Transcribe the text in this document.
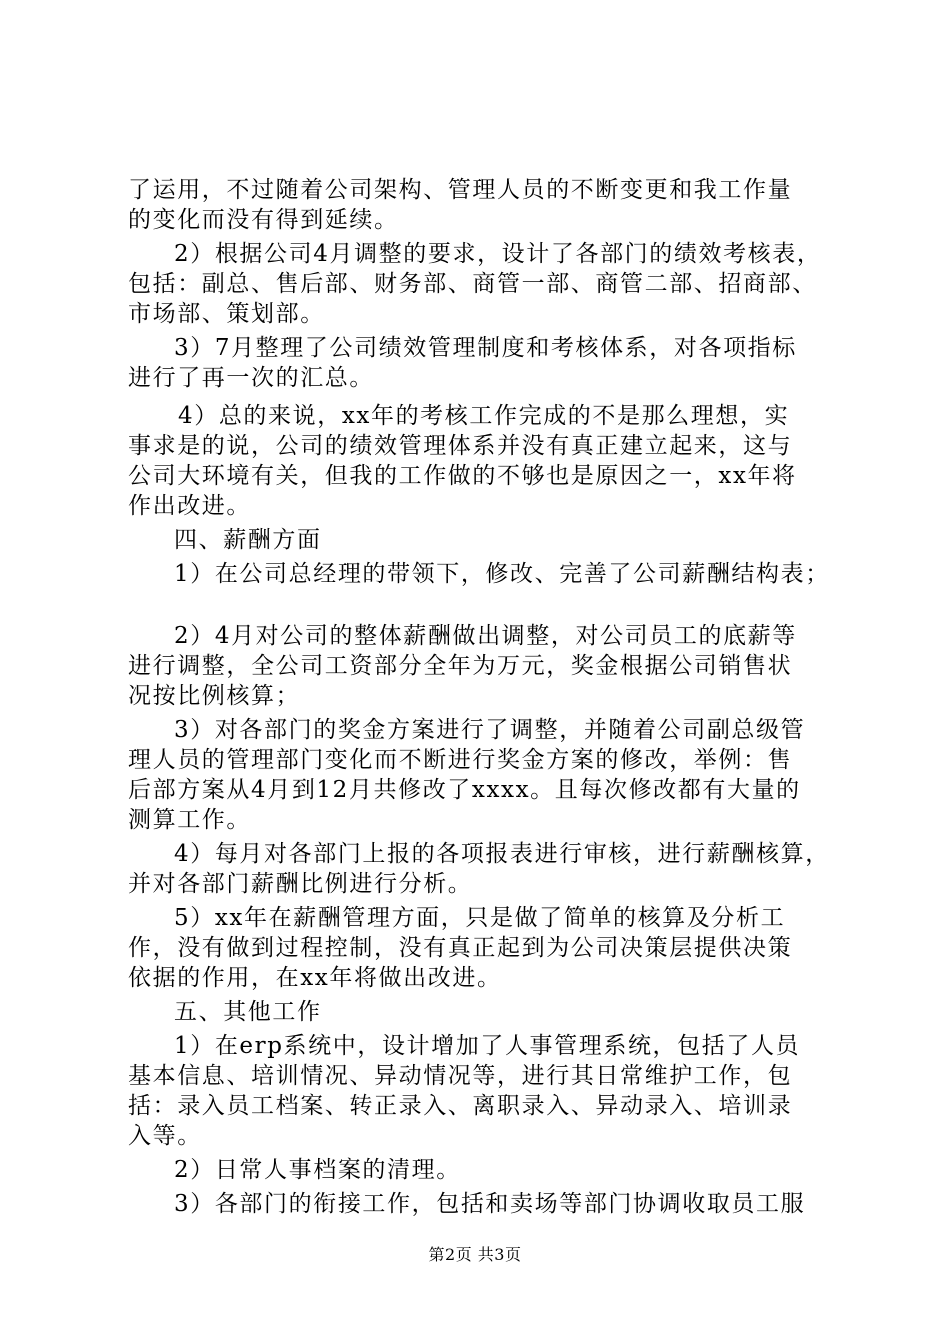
了运用，不过随着公司架构、管理人员的不断变更和我工作量
的变化而没有得到延续。
2）根据公司4月调整的要求，设计了各部门的绩效考核表，
包括：副总、售后部、财务部、商管一部、商管二部、招商部、
市场部、策划部。
3）7月整理了公司绩效管理制度和考核体系，对各项指标
进行了再一次的汇总。
4）总的来说，xx年的考核工作完成的不是那么理想，实
事求是的说，公司的绩效管理体系并没有真正建立起来，这与
公司大环境有关，但我的工作做的不够也是原因之一，xx年将
作出改进。
四、薪酬方面
1）在公司总经理的带领下，修改、完善了公司薪酬结构表；
2）4月对公司的整体薪酬做出调整，对公司员工的底薪等
进行调整，全公司工资部分全年为万元，奖金根据公司销售状
况按比例核算；
3）对各部门的奖金方案进行了调整，并随着公司副总级管
理人员的管理部门变化而不断进行奖金方案的修改，举例：售
后部方案从4月到12月共修改了xxxx。且每次修改都有大量的
测算工作。
4）每月对各部门上报的各项报表进行审核，进行薪酬核算，
并对各部门薪酬比例进行分析。
5）xx年在薪酬管理方面，只是做了简单的核算及分析工
作，没有做到过程控制，没有真正起到为公司决策层提供决策
依据的作用，在xx年将做出改进。
五、其他工作
1）在erp系统中，设计增加了人事管理系统，包括了人员
基本信息、培训情况、异动情况等，进行其日常维护工作，包
括：录入员工档案、转正录入、离职录入、异动录入、培训录
入等。
2）日常人事档案的清理。
3）各部门的衔接工作，包括和卖场等部门协调收取员工服
第2页 共3页
